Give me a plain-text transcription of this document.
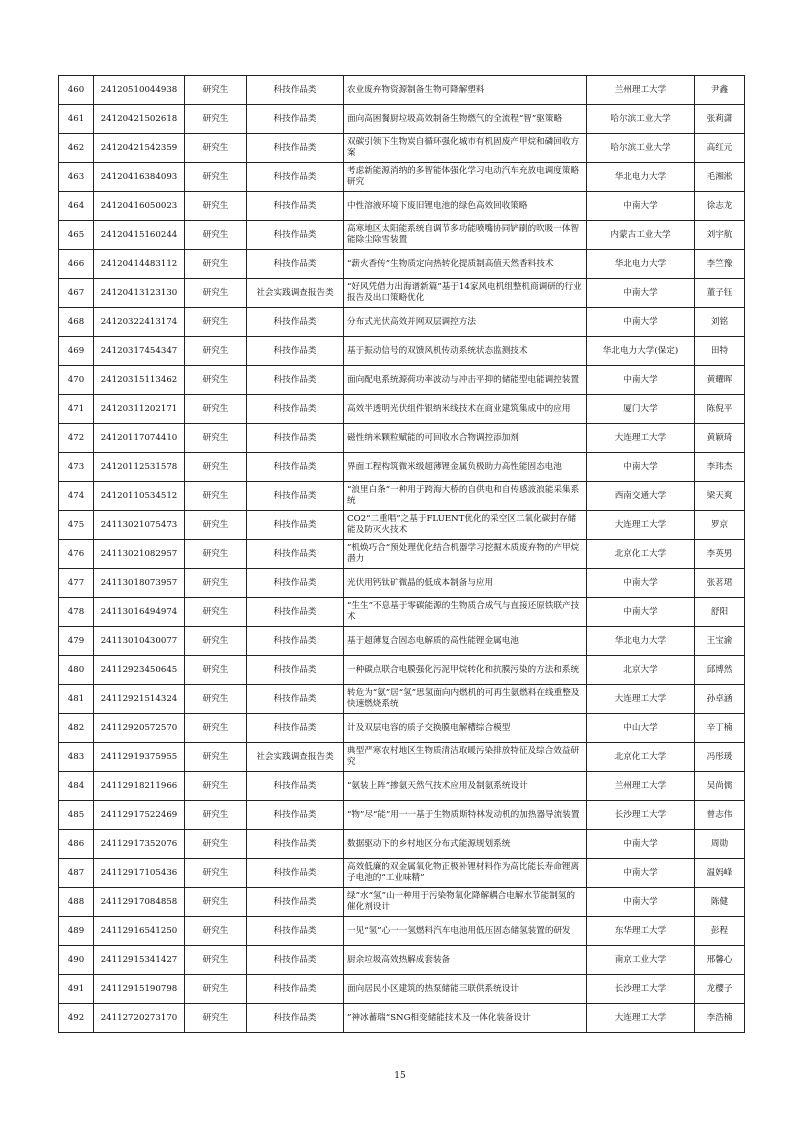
460	24120510044938	研究生	科技作品类	农业废弃物资源制备生物可降解塑料	兰州理工大学	尹鑫
461	24120421502618	研究生	科技作品类	面向高困餐厨垃圾高效制备生物燃气的全流程“智”驱策略	哈尔滨工业大学	张莉潇
462	24120421542359	研究生	科技作品类	双碳引领下生物炭自循环强化城市有机固废产甲烷和磷回收方案	哈尔滨工业大学	高红元
463	24120416384093	研究生	科技作品类	考虑新能源消纳的多智能体强化学习电动汽车充放电调度策略研究	华北电力大学	毛湘淞
464	24120416050023	研究生	科技作品类	中性溶液环境下废旧锂电池的绿色高效回收策略	中南大学	徐志龙
465	24120415160244	研究生	科技作品类	高寒地区太阳能系统自调节多功能喷嘴协同铲刷的吹吸一体智能除尘除雪装置	内蒙古工业大学	刘宇航
466	24120414483112	研究生	科技作品类	“薪火香传”生物质定向热转化提质制高值天然香料技术	华北电力大学	李竺豫
467	24120413123130	研究生	社会实践调查报告类	“好风凭借力出海谱新篇”基于14家风电机组整机商调研的行业报告及出口策略优化	中南大学	董子钰
468	24120322413174	研究生	科技作品类	分布式光伏高效并网双层调控方法	中南大学	刘铭
469	24120317454347	研究生	科技作品类	基于振动信号的双馈风机传动系统状态监测技术	华北电力大学(保定)	田特
470	24120315113462	研究生	科技作品类	面向配电系统源荷功率波动与冲击平抑的储能型电能调控装置	中南大学	黄耀晖
471	24120311202171	研究生	科技作品类	高效半透明光伏组件银纳米线技术在商业建筑集成中的应用	厦门大学	陈倪平
472	24120117074410	研究生	科技作品类	磁性纳米颗粒赋能的可回收水合物调控添加剂	大连理工大学	黄颖琦
473	24120112531578	研究生	科技作品类	界面工程构筑微米级超薄锂金属负极助力高性能固态电池	中南大学	李玮杰
474	24120110534512	研究生	科技作品类	“浪里白条”一种用于跨海大桥的自供电和自传感波浪能采集系统	西南交通大学	梁天爽
475	24113021075473	研究生	科技作品类	CO2“二重唱”之基于FLUENT优化的采空区二氧化碳封存储能及防灭火技术	大连理工大学	罗京
476	24113021082957	研究生	科技作品类	”机焕巧合“预处理优化结合机器学习挖掘木质废弃物的产甲烷潜力	北京化工大学	李英男
477	24113018073957	研究生	科技作品类	光伏用钙钛矿微晶的低成本制备与应用	中南大学	张茗珺
478	24113016494974	研究生	科技作品类	“生生”不息基于零碳能源的生物质合成气与直接还原铁联产技术	中南大学	舒阳
479	24113010430077	研究生	科技作品类	基于超薄复合固态电解质的高性能锂金属电池	华北电力大学	王宝渝
480	24112923450645	研究生	科技作品类	一种碳点联合电膜强化污泥甲烷转化和抗膜污染的方法和系统	北京大学	邱博然
481	24112921514324	研究生	科技作品类	转危为“氨”居“氢”思氢面向内燃机的可再生氨燃料在线重整及快速燃烧系统	大连理工大学	孙卓涵
482	24112920572570	研究生	科技作品类	计及双层电容的质子交换膜电解槽综合模型	中山大学	辛丁楠
483	24112919375955	研究生	社会实践调查报告类	典型严寒农村地区生物质清洁取暖污染排放特征及综合效益研究	北京化工大学	冯彤瑗
484	24112918211966	研究生	科技作品类	“氨装上阵”掺氨天然气技术应用及制氨系统设计	兰州理工大学	吴尚儒
485	24112917522469	研究生	科技作品类	“物”尽“能”用一一基于生物质斯特林发动机的加热器导流装置	长沙理工大学	曾志伟
486	24112917352076	研究生	科技作品类	数据驱动下的乡村地区分布式能源规划系统	中南大学	周勋
487	24112917105436	研究生	科技作品类	高效低廉的双金属氧化物正极补锂材料作为高比能长寿命锂离子电池的“工业味精”	中南大学	温妈峰
488	24112917084858	研究生	科技作品类	绿”水“氢”山一种用于污染物氧化降解耦合电解水节能制氢的催化剂设计	中南大学	陈健
489	24112916541250	研究生	科技作品类	一见“氢”心一一氢燃料汽车电池用低压固态储氢装置的研发	东华理工大学	彭程
490	24112915341427	研究生	科技作品类	厨余垃圾高效热解成套装备	南京工业大学	邢馨心
491	24112915190798	研究生	科技作品类	面向居民小区建筑的热泵储能三联供系统设计	长沙理工大学	龙樱子
492	24112720273170	研究生	科技作品类	”神冰蓄瑞“SNG相变储能技术及一体化装备设计	大连理工大学	李浩楠
15
